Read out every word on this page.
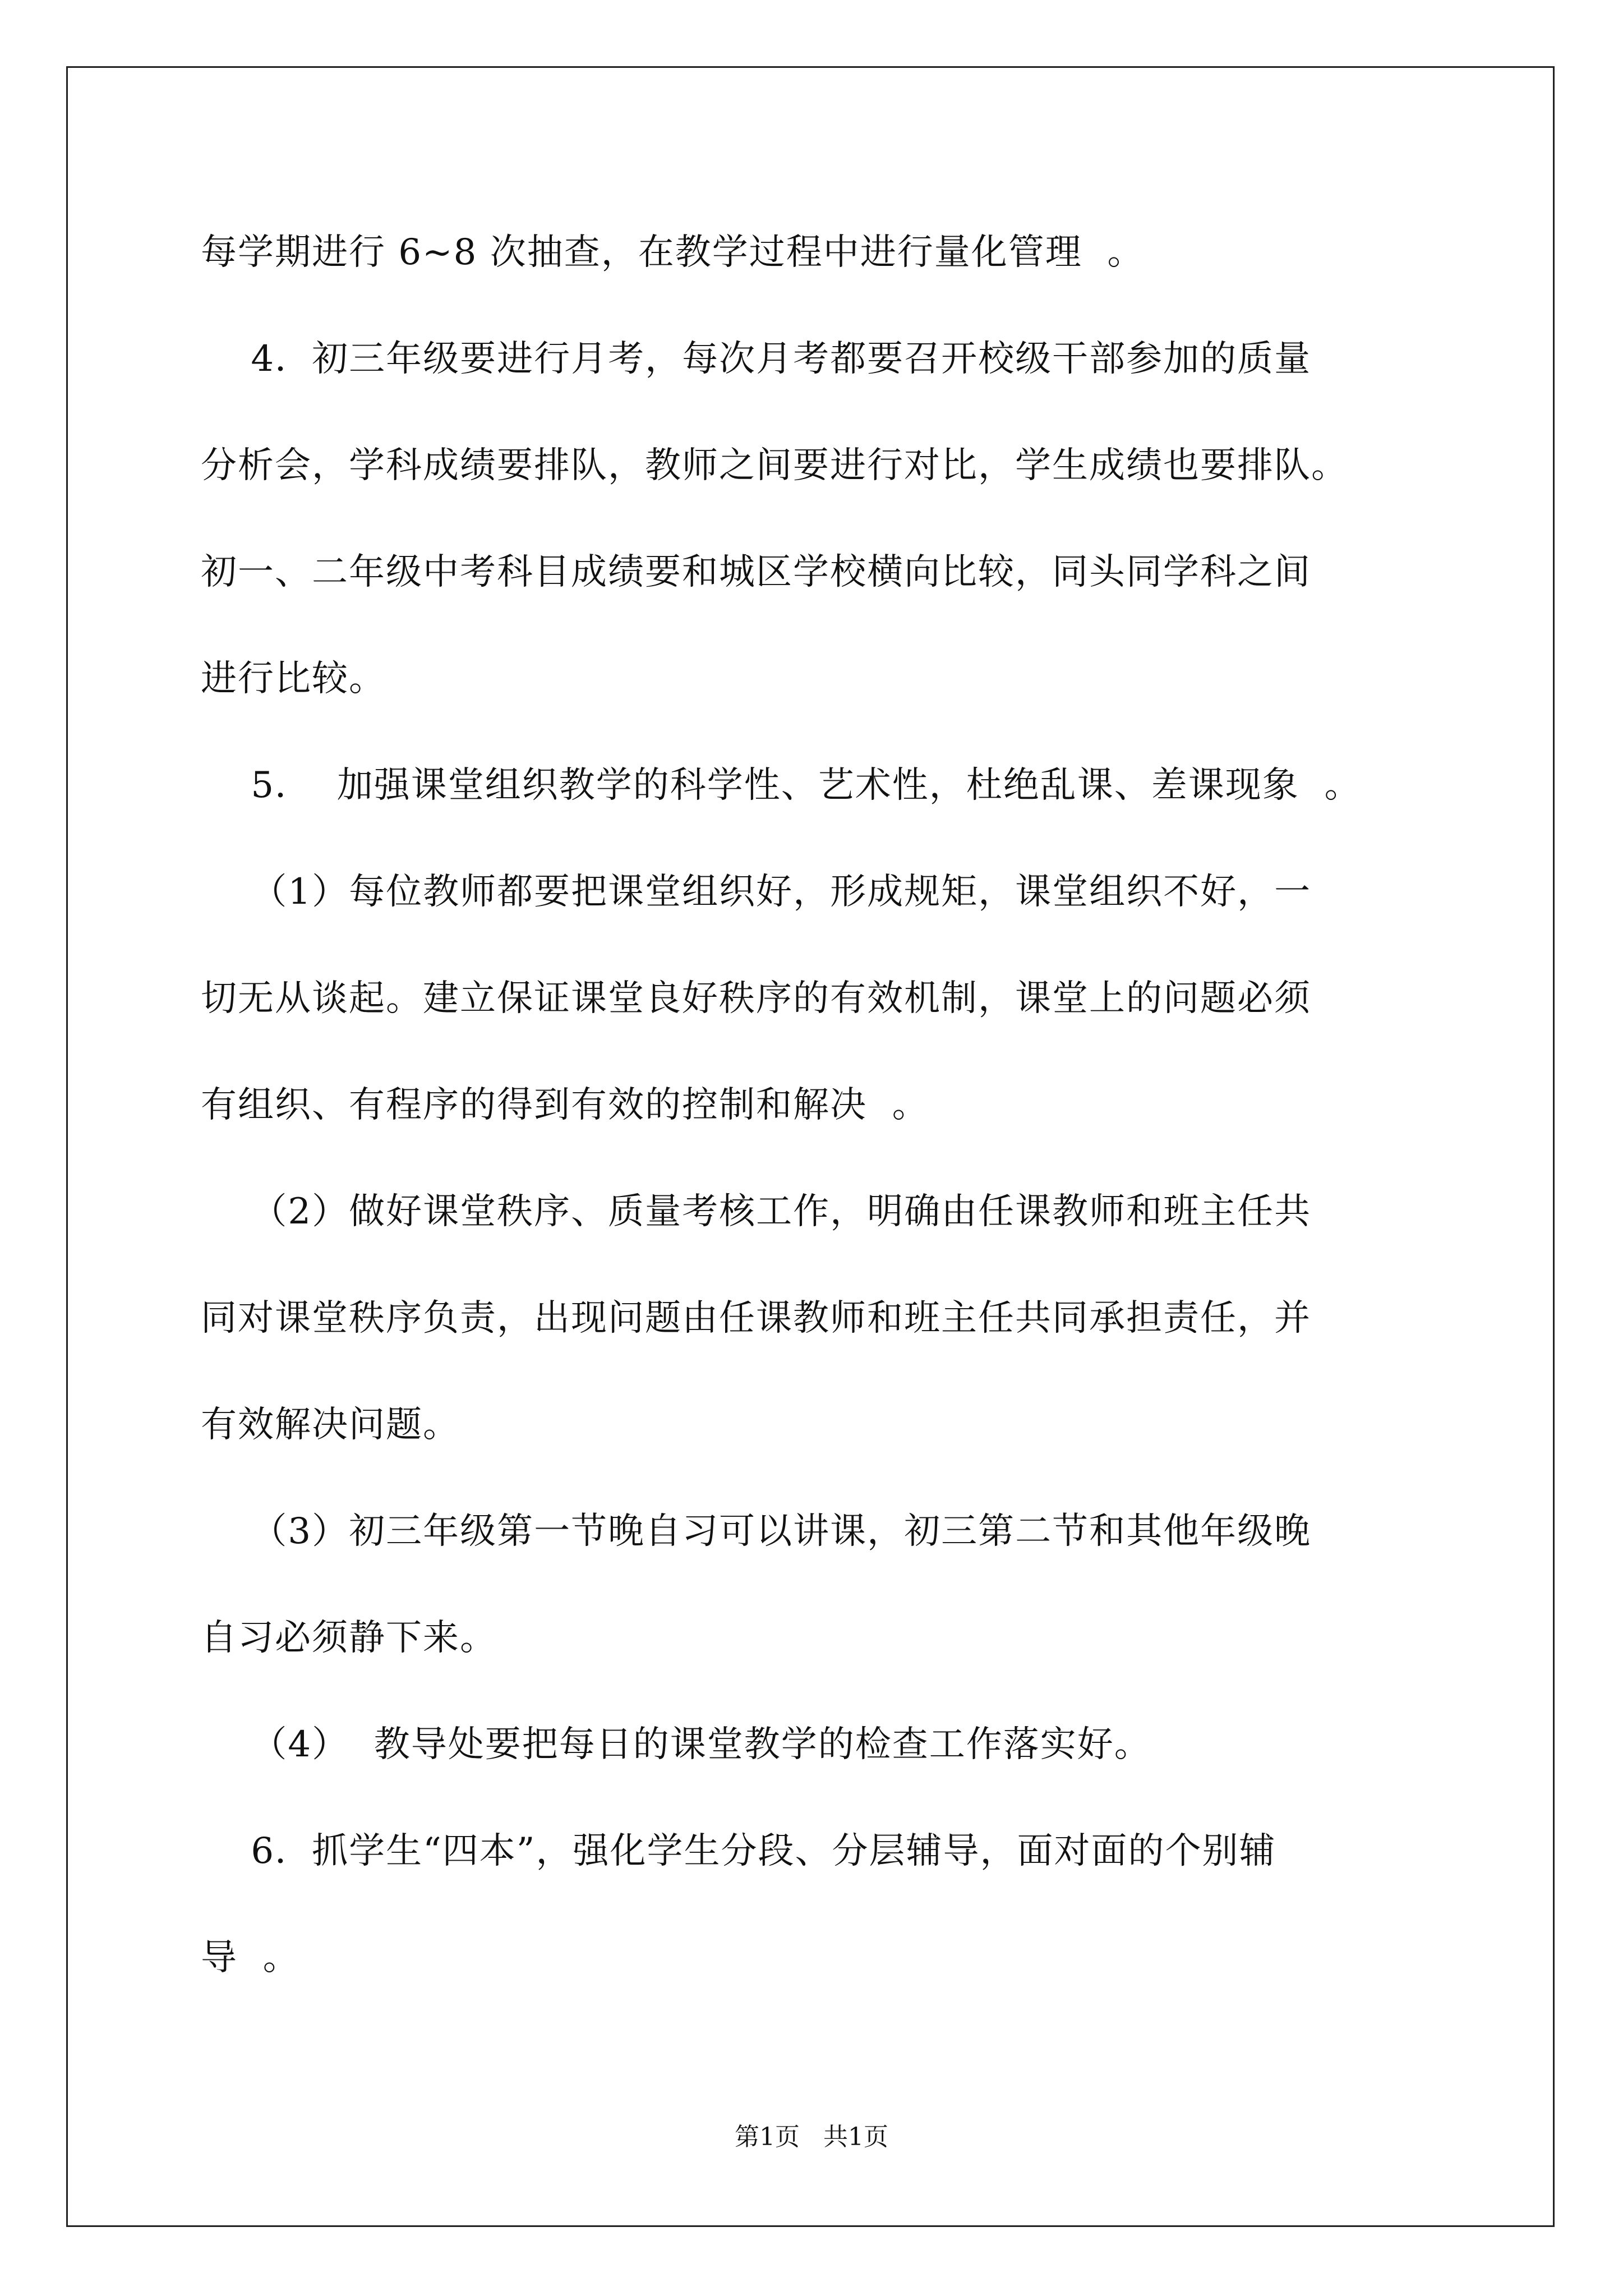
每学期进行 6~8 次抽查，在教学过程中进行量化管理  。
4．初三年级要进行月考，每次月考都要召开校级干部参加的质量
分析会，学科成绩要排队，教师之间要进行对比，学生成绩也要排队。
初一、二年级中考科目成绩要和城区学校横向比较，同头同学科之间
进行比较。
5．  加强课堂组织教学的科学性、艺术性，杜绝乱课、差课现象  。
（1）每位教师都要把课堂组织好，形成规矩，课堂组织不好，一
切无从谈起。建立保证课堂良好秩序的有效机制，课堂上的问题必须
有组织、有程序的得到有效的控制和解决  。
（2）做好课堂秩序、质量考核工作，明确由任课教师和班主任共
同对课堂秩序负责，出现问题由任课教师和班主任共同承担责任，并
有效解决问题。
（3）初三年级第一节晚自习可以讲课，初三第二节和其他年级晚
自习必须静下来。
（4）  教导处要把每日的课堂教学的检查工作落实好。
6．抓学生“四本”，强化学生分段、分层辅导，面对面的个别辅
导  。
第1页   共1页
